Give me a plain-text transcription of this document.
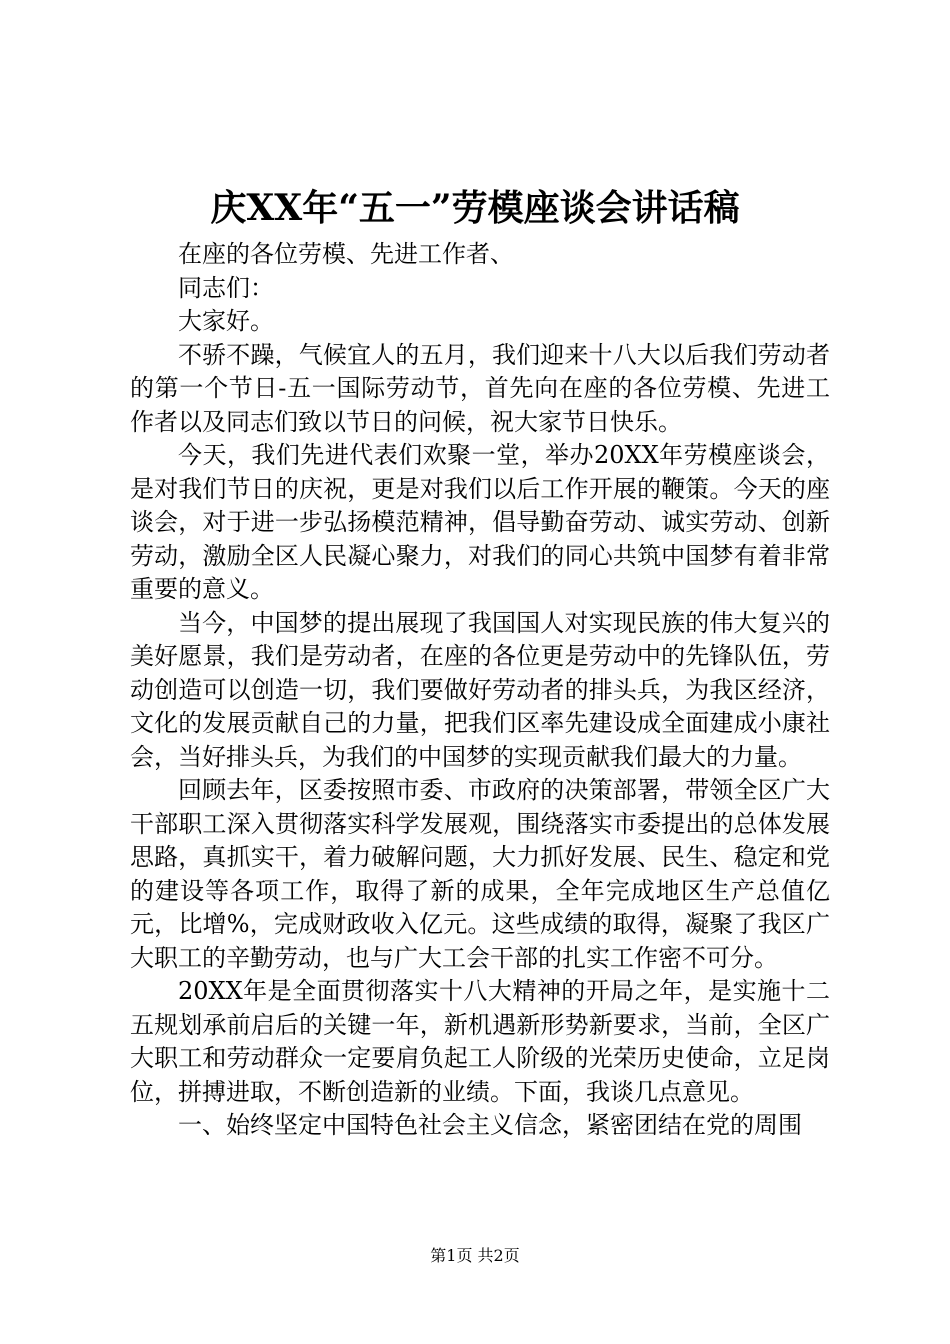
庆XX年“五一”劳模座谈会讲话稿

在座的各位劳模、先进工作者、

同志们：

大家好。

不骄不躁，气候宜人的五月，我们迎来十八大以后我们劳动者的第一个节日-五一国际劳动节，首先向在座的各位劳模、先进工作者以及同志们致以节日的问候，祝大家节日快乐。

今天，我们先进代表们欢聚一堂，举办20XX年劳模座谈会，是对我们节日的庆祝，更是对我们以后工作开展的鞭策。今天的座谈会，对于进一步弘扬模范精神，倡导勤奋劳动、诚实劳动、创新劳动，激励全区人民凝心聚力，对我们的同心共筑中国梦有着非常重要的意义。

当今，中国梦的提出展现了我国国人对实现民族的伟大复兴的美好愿景，我们是劳动者，在座的各位更是劳动中的先锋队伍，劳动创造可以创造一切，我们要做好劳动者的排头兵，为我区经济，文化的发展贡献自己的力量，把我们区率先建设成全面建成小康社会，当好排头兵，为我们的中国梦的实现贡献我们最大的力量。

回顾去年，区委按照市委、市政府的决策部署，带领全区广大干部职工深入贯彻落实科学发展观，围绕落实市委提出的总体发展思路，真抓实干，着力破解问题，大力抓好发展、民生、稳定和党的建设等各项工作，取得了新的成果，全年完成地区生产总值亿元，比增%，完成财政收入亿元。这些成绩的取得，凝聚了我区广大职工的辛勤劳动，也与广大工会干部的扎实工作密不可分。

20XX年是全面贯彻落实十八大精神的开局之年，是实施十二五规划承前启后的关键一年，新机遇新形势新要求，当前，全区广大职工和劳动群众一定要肩负起工人阶级的光荣历史使命，立足岗位，拼搏进取，不断创造新的业绩。下面，我谈几点意见。

一、始终坚定中国特色社会主义信念，紧密团结在党的周围

第1页 共2页
